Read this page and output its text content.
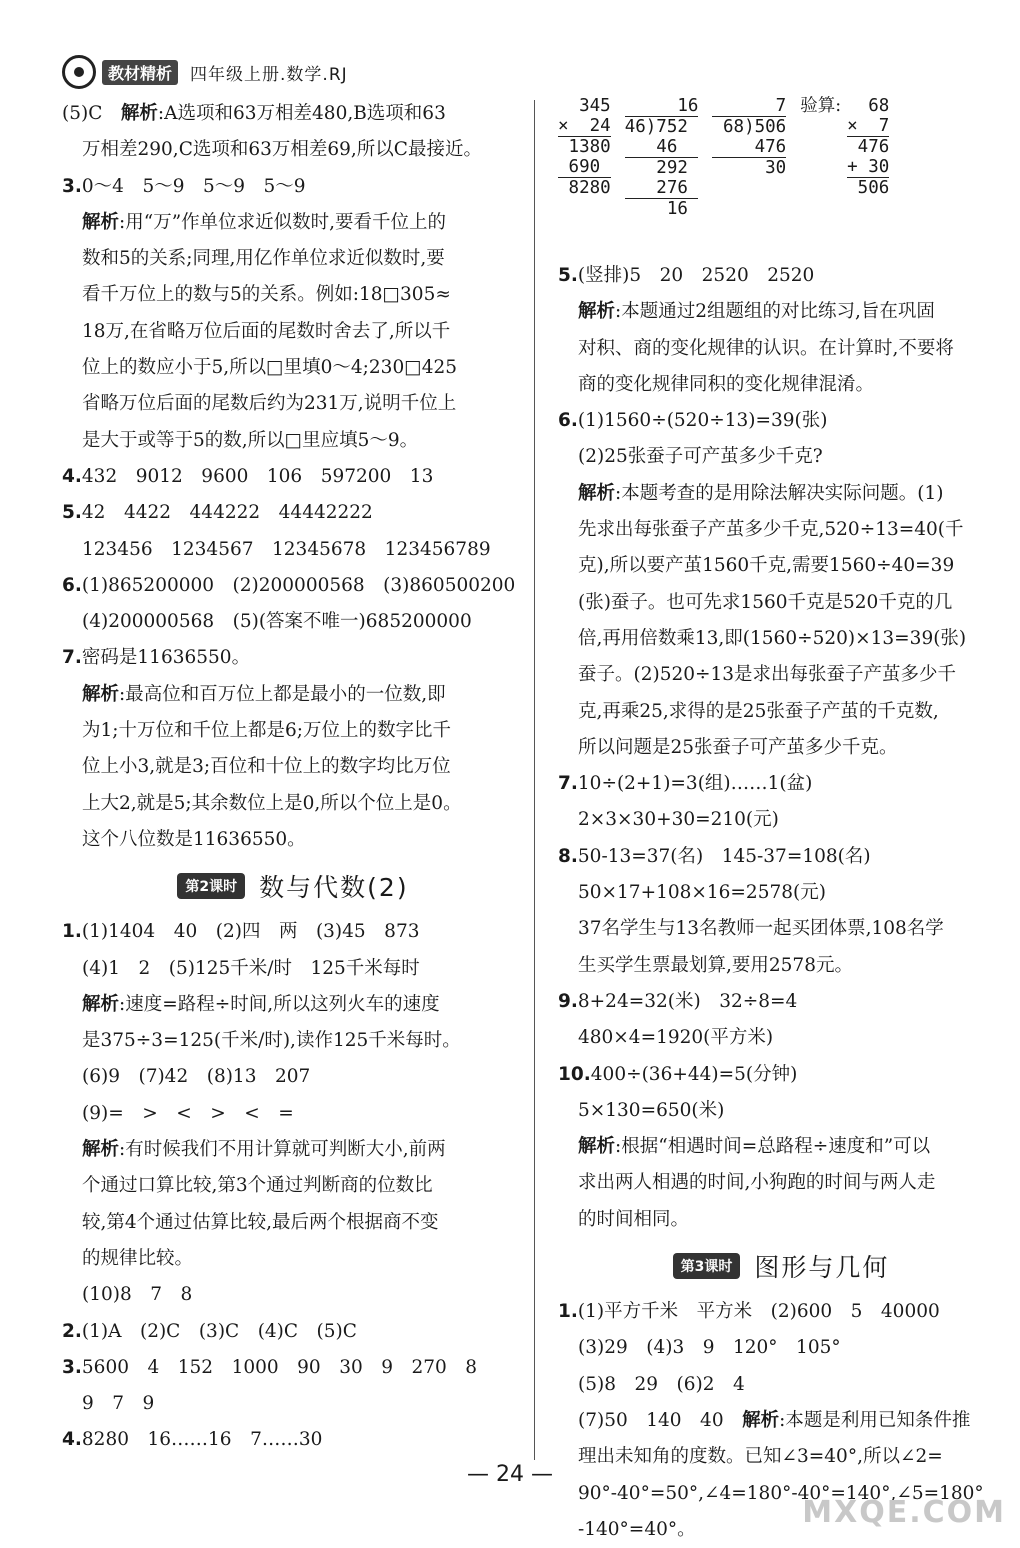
教材精析	四年级上册.数学.RJ
(5)C　解析:A选项和63万相差480,B选项和63
万相差290,C选项和63万相差69,所以C最接近。
3.0～4　5～9　5～9　5～9
解析:用“万”作单位求近似数时,要看千位上的
数和5的关系;同理,用亿作单位求近似数时,要
看千万位上的数与5的关系。例如:18□305≈
18万,在省略万位后面的尾数时舍去了,所以千
位上的数应小于5,所以□里填0～4;230□425
省略万位后面的尾数后约为231万,说明千位上
是大于或等于5的数,所以□里应填5～9。
4.432　9012　9600　106　597200　13
5.42　4422　444222　44442222
123456　1234567　12345678　123456789
6.(1)865200000　(2)200000568　(3)860500200
(4)200000568　(5)(答案不唯一)685200000
7.密码是11636550。
解析:最高位和百万位上都是最小的一位数,即
为1;十万位和千位上都是6;万位上的数字比千
位上小3,就是3;百位和十位上的数字均比万位
上大2,就是5;其余数位上是0,所以个位上是0。
这个八位数是11636550。
第2课时 数与代数(2)
1.(1)1404　40　(2)四　两　(3)45　873
(4)1　2　(5)125千米/时　125千米每时
解析:速度=路程÷时间,所以这列火车的速度
是375÷3=125(千米/时),读作125千米每时。
(6)9　(7)42　(8)13　207
(9)=　>　<　>　<　=
解析:有时候我们不用计算就可判断大小,前两
个通过口算比较,第3个通过判断商的位数比
较,第4个通过估算比较,最后两个根据商不变
的规律比较。
(10)8　7　8
2.(1)A　(2)C　(3)C　(4)C　(5)C
3.5600　4　152　1000　90　30　9　270　8
9　7　9
4.8280　16……16　7……30
345
×  24
1380
690
8280
16
46)752
46
292
276
16
7
68)506
476
30
验算: 68
×  7
476
+ 30
506
5.(竖排)5　20　2520　2520
解析:本题通过2组题组的对比练习,旨在巩固
对积、商的变化规律的认识。在计算时,不要将
商的变化规律同积的变化规律混淆。
6.(1)1560÷(520÷13)=39(张)
(2)25张蚕子可产茧多少千克?
解析:本题考查的是用除法解决实际问题。(1)
先求出每张蚕子产茧多少千克,520÷13=40(千
克),所以要产茧1560千克,需要1560÷40=39
(张)蚕子。也可先求1560千克是520千克的几
倍,再用倍数乘13,即(1560÷520)×13=39(张)
蚕子。(2)520÷13是求出每张蚕子产茧多少千
克,再乘25,求得的是25张蚕子产茧的千克数,
所以问题是25张蚕子可产茧多少千克。
7.10÷(2+1)=3(组)……1(盆)
2×3×30+30=210(元)
8.50-13=37(名)　145-37=108(名)
50×17+108×16=2578(元)
37名学生与13名教师一起买团体票,108名学
生买学生票最划算,要用2578元。
9.8+24=32(米)　32÷8=4
480×4=1920(平方米)
10.400÷(36+44)=5(分钟)
5×130=650(米)
解析:根据“相遇时间=总路程÷速度和”可以
求出两人相遇的时间,小狗跑的时间与两人走
的时间相同。
第3课时 图形与几何
1.(1)平方千米　平方米　(2)600　5　40000
(3)29　(4)3　9　120°　105°
(5)8　29　(6)2　4
(7)50　140　40　解析:本题是利用已知条件推
理出未知角的度数。已知∠3=40°,所以∠2=
90°-40°=50°,∠4=180°-40°=140°,∠5=180°
-140°=40°。
— 24 —
MXQE.COM
